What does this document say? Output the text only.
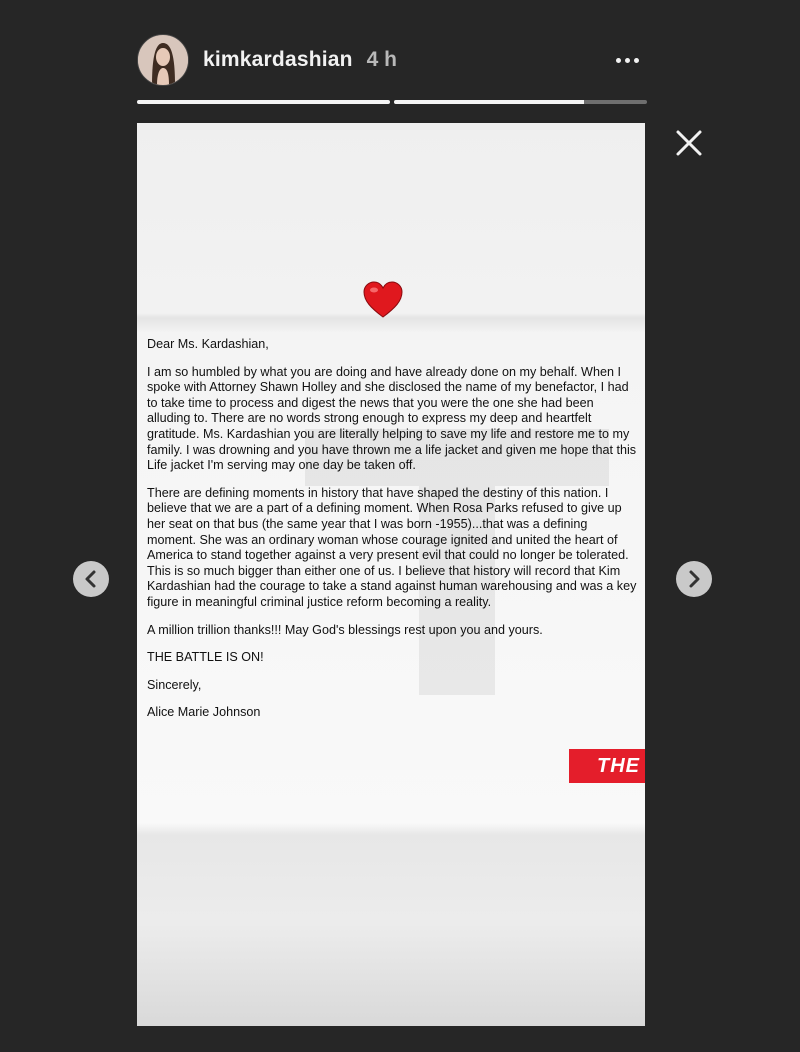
kimkardashian 4 h

Dear Ms. Kardashian,

I am so humbled by what you are doing and have already done on my behalf. When I spoke with Attorney Shawn Holley and she disclosed the name of my benefactor, I had to take time to process and digest the news that you were the one she had been alluding to. There are no words strong enough to express my deep and heartfelt gratitude. Ms. Kardashian you are literally helping to save my life and restore me to my family. I was drowning and you have thrown me a life jacket and given me hope that this Life jacket I'm serving may one day be taken off.

There are defining moments in history that have shaped the destiny of this nation. I believe that we are a part of a defining moment. When Rosa Parks refused to give up her seat on that bus (the same year that I was born -1955)...that was a defining moment. She was an ordinary woman whose courage ignited and united the heart of America to stand together against a very present evil that could no longer be tolerated. This is so much bigger than either one of us. I believe that history will record that Kim Kardashian had the courage to take a stand against human warehousing and was a key figure in meaningful criminal justice reform becoming a reality.

A million trillion thanks!!! May God's blessings rest upon you and yours.

THE BATTLE IS ON!

Sincerely,

Alice Marie Johnson

THE
